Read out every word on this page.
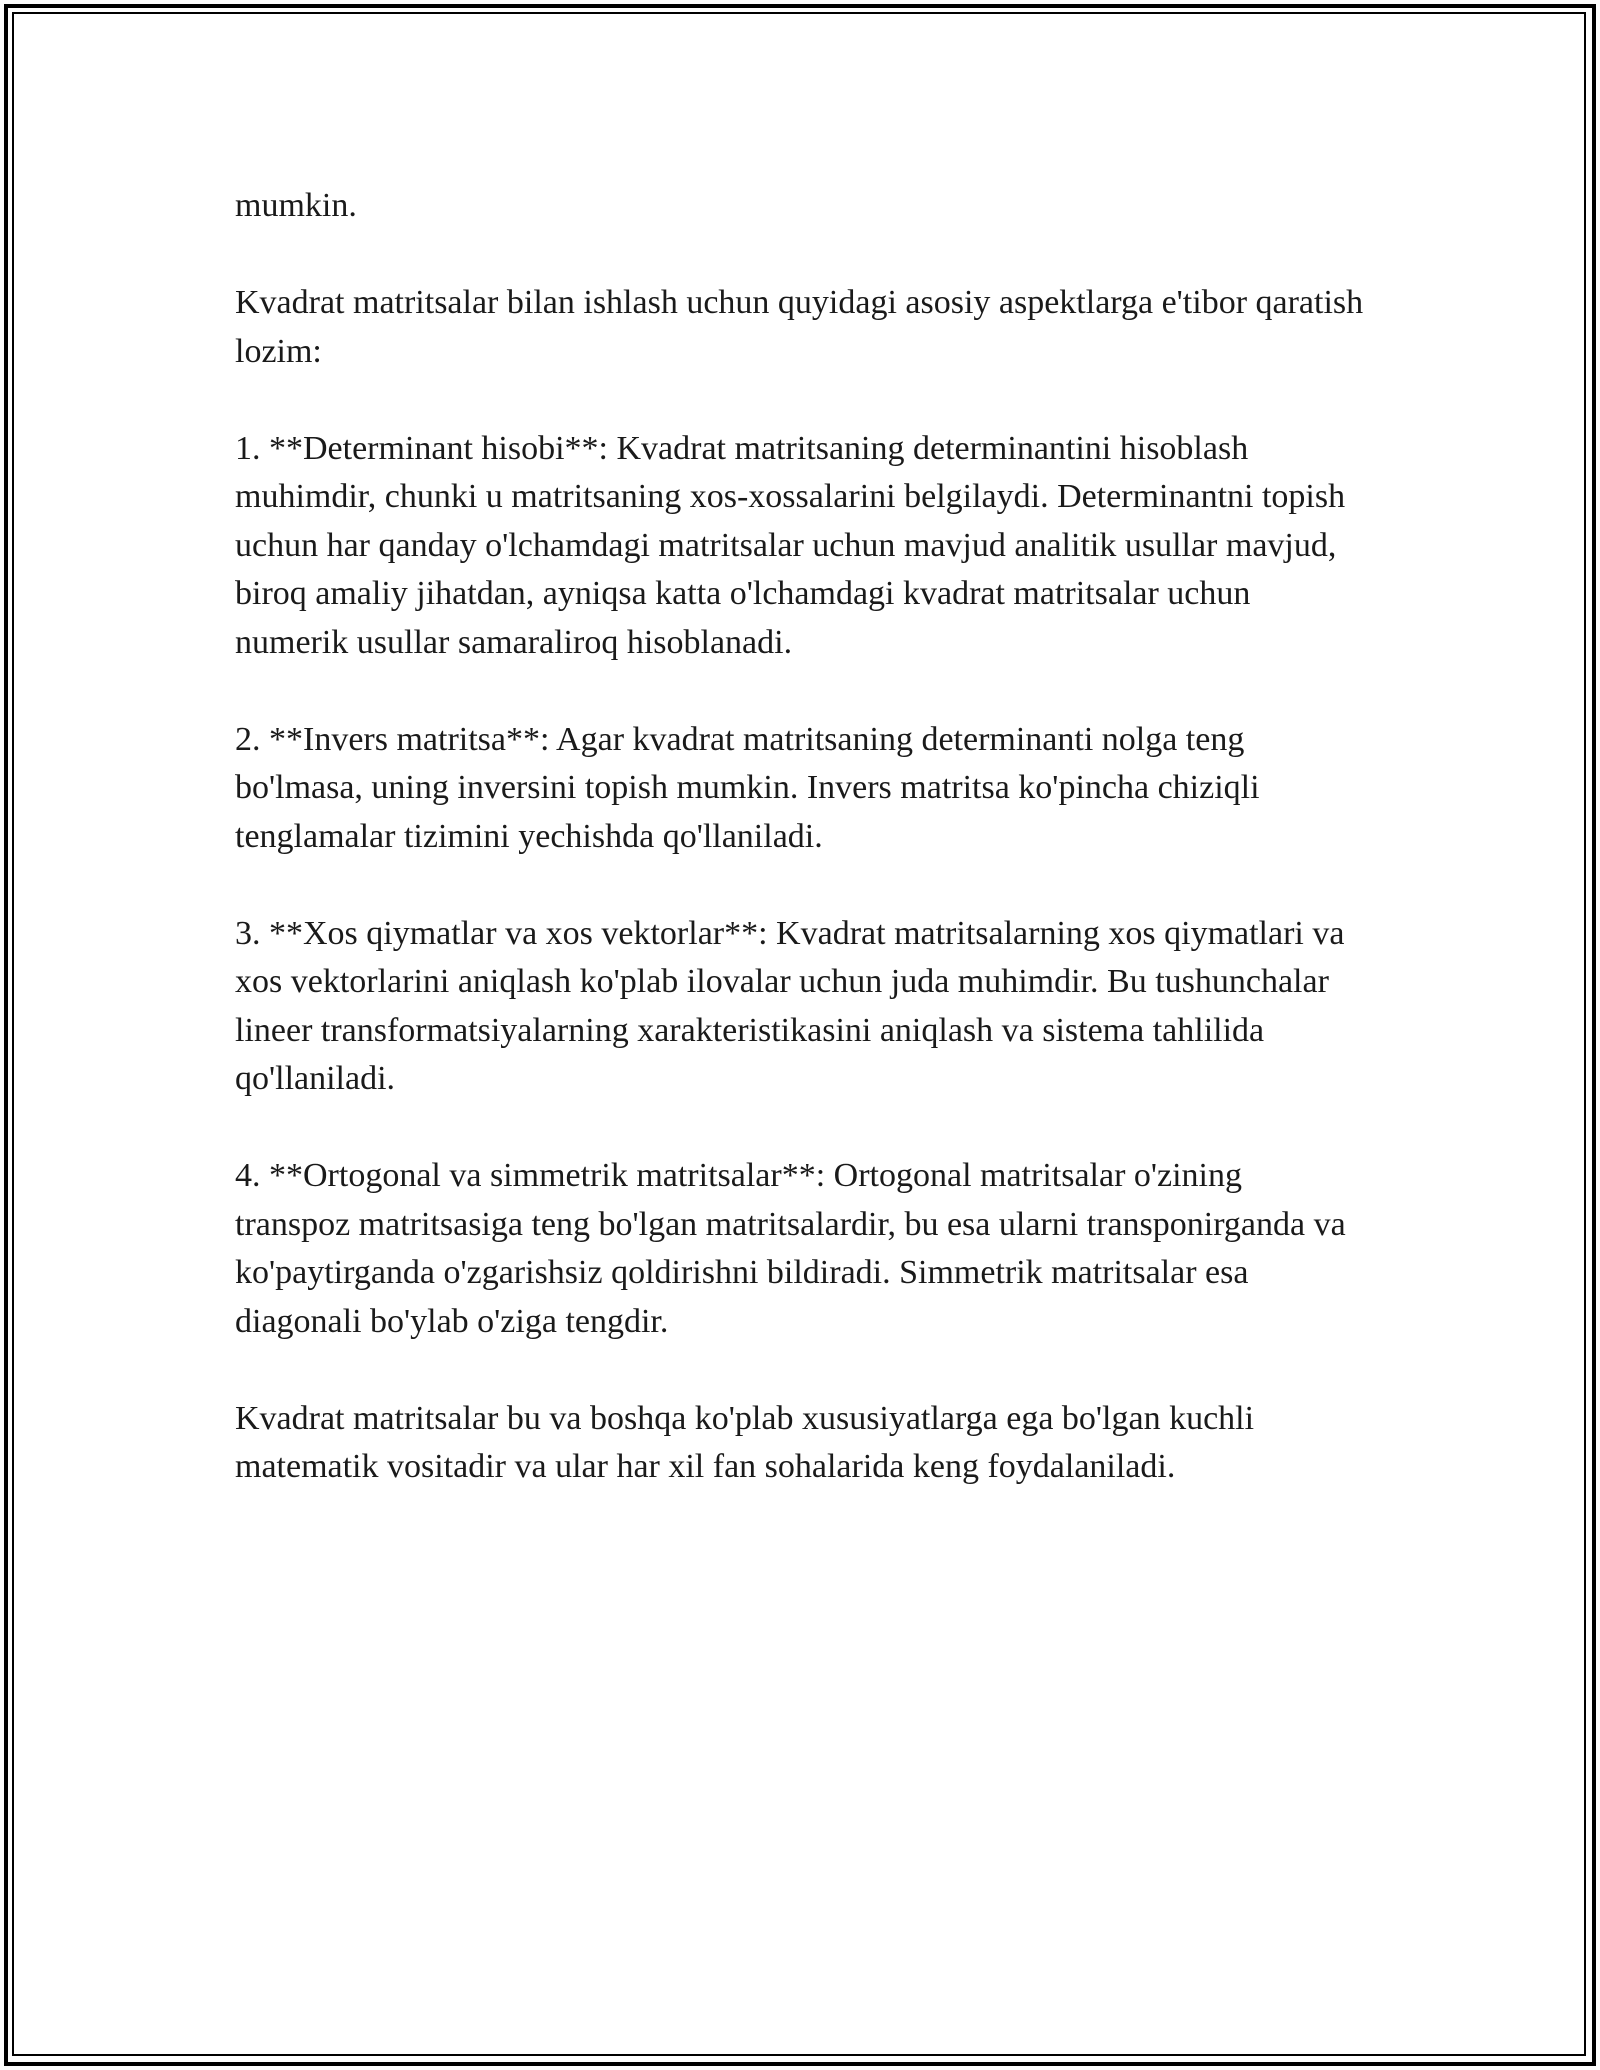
mumkin.

Kvadrat matritsalar bilan ishlash uchun quyidagi asosiy aspektlarga e'tibor qaratish lozim:

1. **Determinant hisobi**: Kvadrat matritsaning determinantini hisoblash muhimdir, chunki u matritsaning xos-xossalarini belgilaydi. Determinantni topish uchun har qanday o'lchamdagi matritsalar uchun mavjud analitik usullar mavjud, biroq amaliy jihatdan, ayniqsa katta o'lchamdagi kvadrat matritsalar uchun numerik usullar samaraliroq hisoblanadi.

2. **Invers matritsa**: Agar kvadrat matritsaning determinanti nolga teng bo'lmasa, uning inversini topish mumkin. Invers matritsa ko'pincha chiziqli tenglamalar tizimini yechishda qo'llaniladi.

3. **Xos qiymatlar va xos vektorlar**: Kvadrat matritsalarning xos qiymatlari va xos vektorlarini aniqlash ko'plab ilovalar uchun juda muhimdir. Bu tushunchalar lineer transformatsiyalarning xarakteristikasini aniqlash va sistema tahlilida qo'llaniladi.

4. **Ortogonal va simmetrik matritsalar**: Ortogonal matritsalar o'zining transpoz matritsasiga teng bo'lgan matritsalardir, bu esa ularni transponirganda va ko'paytirganda o'zgarishsiz qoldirishni bildiradi. Simmetrik matritsalar esa diagonali bo'ylab o'ziga tengdir.

Kvadrat matritsalar bu va boshqa ko'plab xususiyatlarga ega bo'lgan kuchli matematik vositadir va ular har xil fan sohalarida keng foydalaniladi.
